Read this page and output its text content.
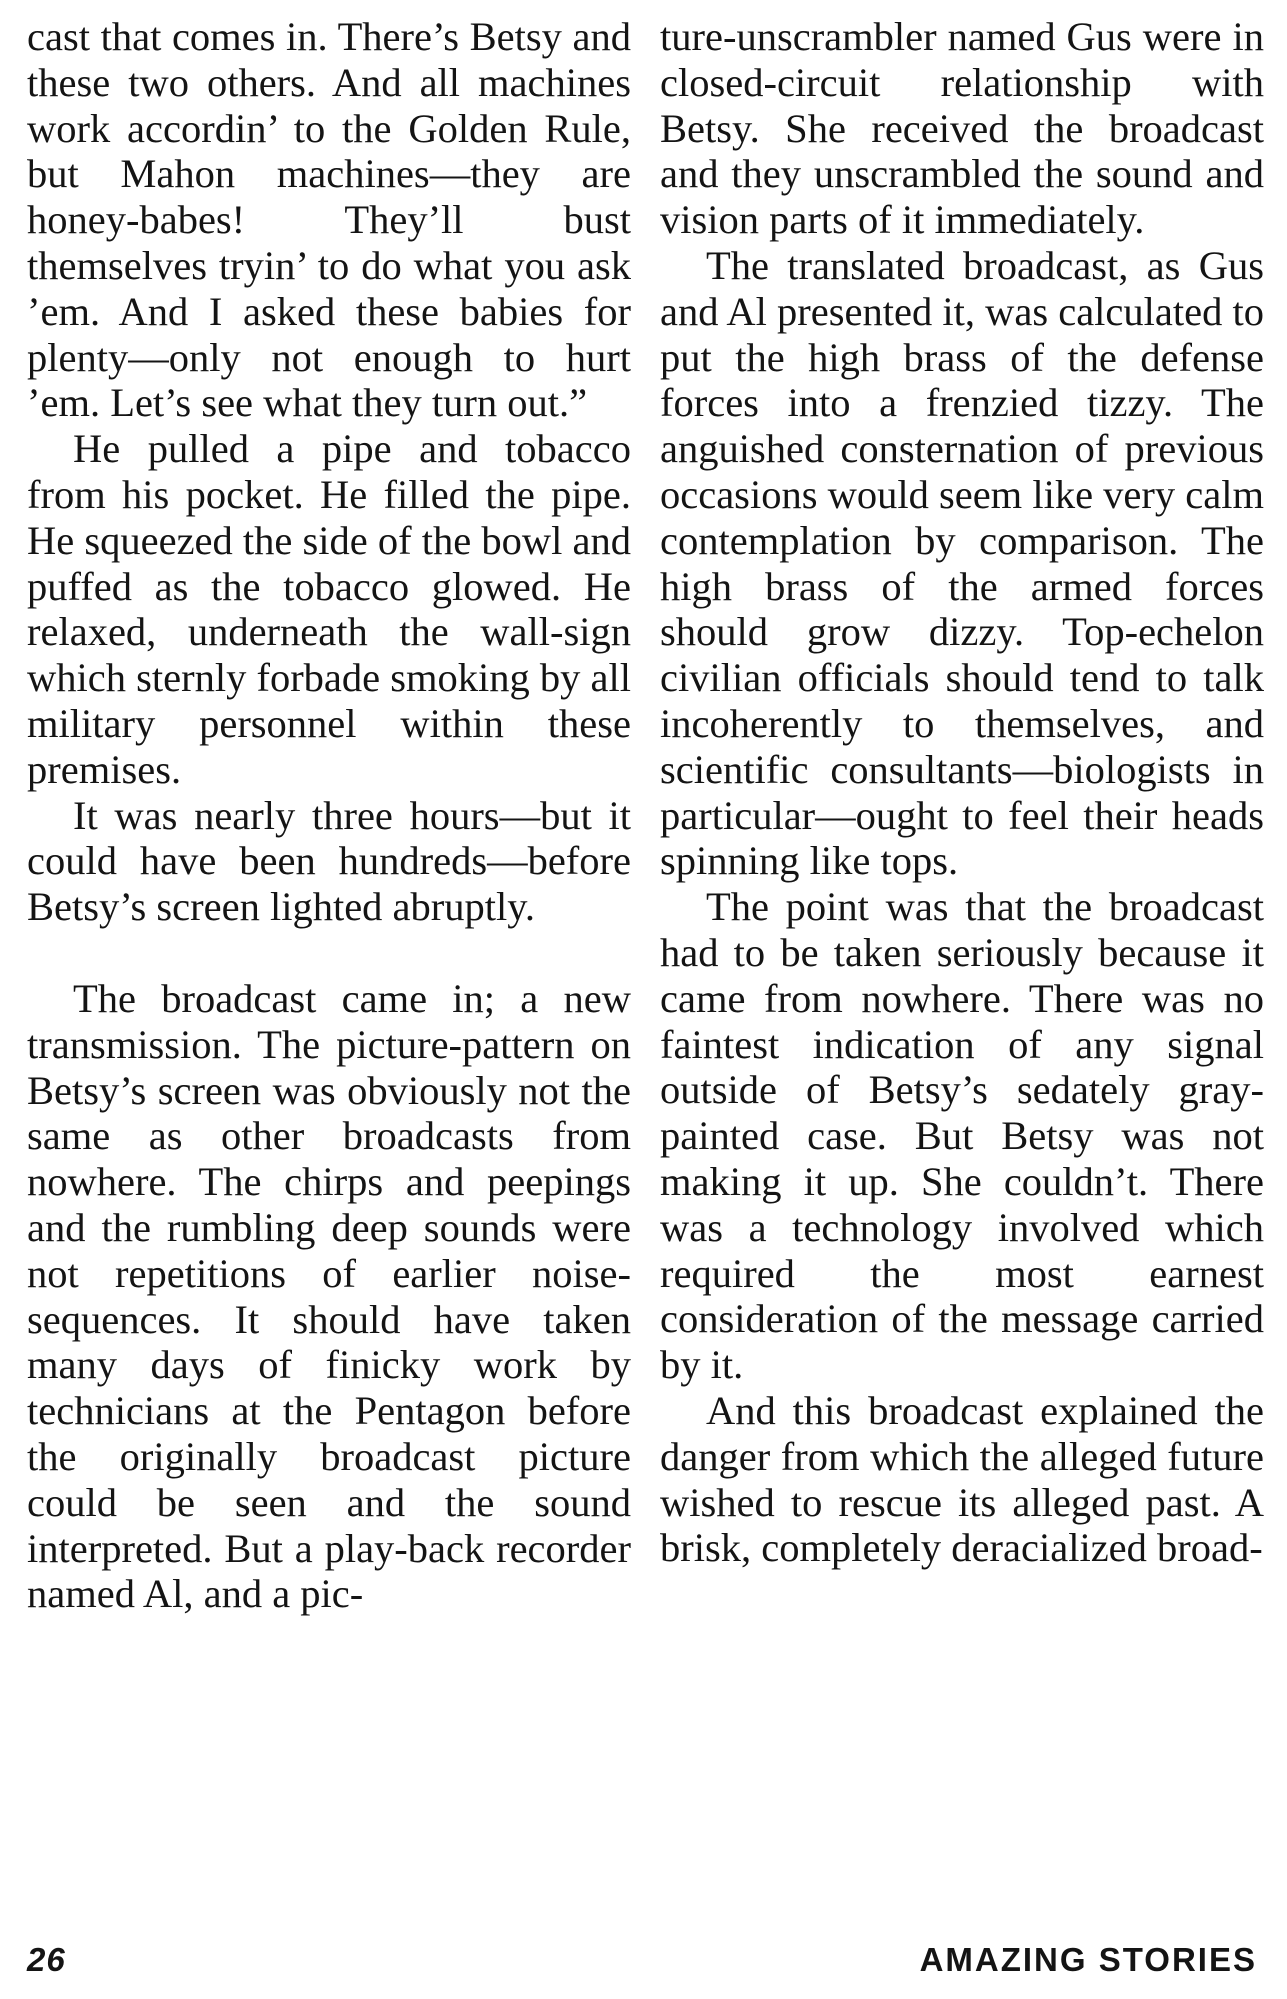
cast that comes in. There’s Betsy and these two others. And all machines work accordin’ to the Golden Rule, but Mahon machines—they are honey-babes! They’ll bust themselves tryin’ to do what you ask ’em. And I asked these babies for plenty—only not enough to hurt ’em. Let’s see what they turn out.”

He pulled a pipe and tobacco from his pocket. He filled the pipe. He squeezed the side of the bowl and puffed as the tobacco glowed. He relaxed, underneath the wall-sign which sternly forbade smoking by all military personnel within these premises.

It was nearly three hours—but it could have been hundreds—before Betsy’s screen lighted abruptly.

The broadcast came in; a new transmission. The picture-pattern on Betsy’s screen was obviously not the same as other broadcasts from nowhere. The chirps and peepings and the rumbling deep sounds were not repetitions of earlier noise-sequences. It should have taken many days of finicky work by technicians at the Pentagon before the originally broadcast picture could be seen and the sound interpreted. But a play-back recorder named Al, and a pic-

ture-unscrambler named Gus were in closed-circuit relationship with Betsy. She received the broadcast and they unscrambled the sound and vision parts of it immediately.

The translated broadcast, as Gus and Al presented it, was calculated to put the high brass of the defense forces into a frenzied tizzy. The anguished consternation of previous occasions would seem like very calm contemplation by comparison. The high brass of the armed forces should grow dizzy. Top-echelon civilian officials should tend to talk incoherently to themselves, and scientific consultants—biologists in particular—ought to feel their heads spinning like tops.

The point was that the broadcast had to be taken seriously because it came from nowhere. There was no faintest indication of any signal outside of Betsy’s sedately gray-painted case. But Betsy was not making it up. She couldn’t. There was a technology involved which required the most earnest consideration of the message carried by it.

And this broadcast explained the danger from which the alleged future wished to rescue its alleged past. A brisk, completely deracialized broad-

26	AMAZING STORIES
